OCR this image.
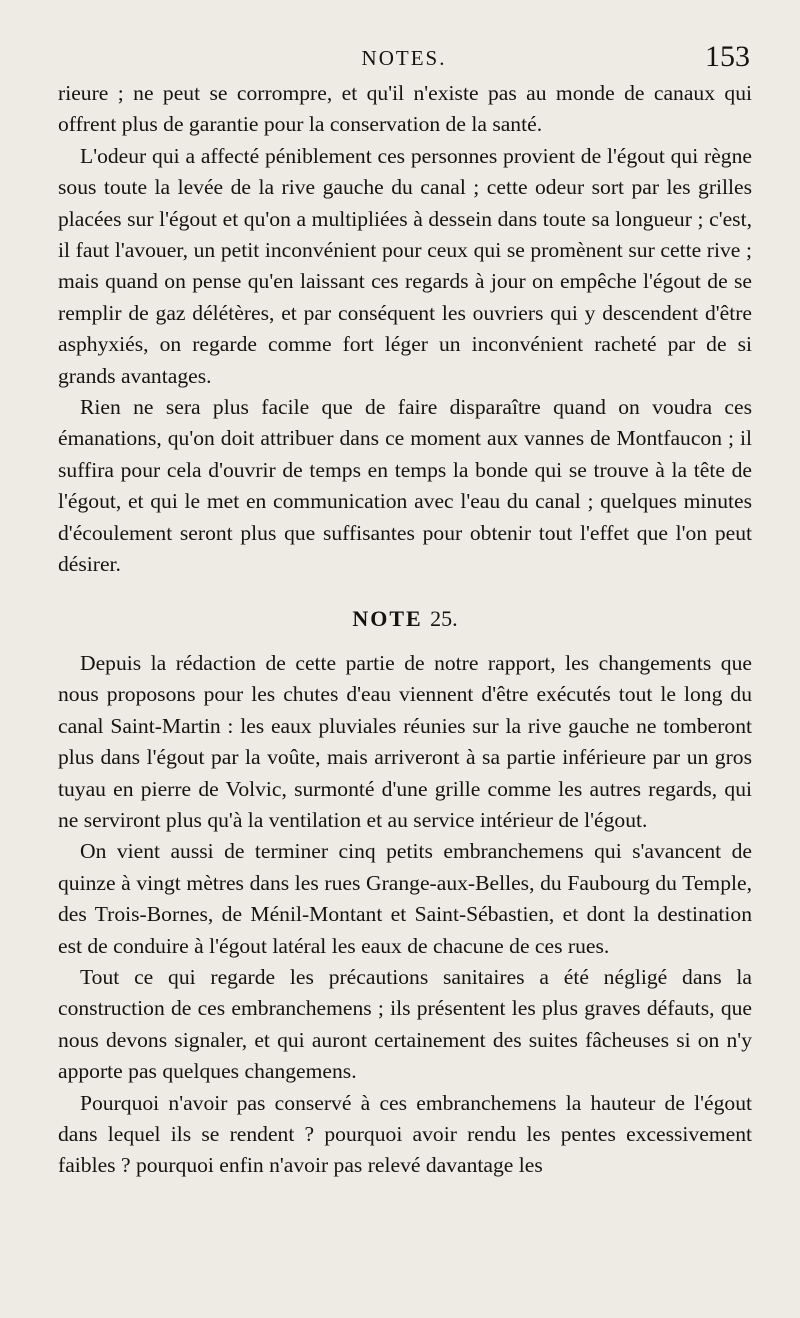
NOTES.	153

rieure ; ne peut se corrompre, et qu'il n'existe pas au monde de canaux qui offrent plus de garantie pour la conservation de la santé.

L'odeur qui a affecté péniblement ces personnes provient de l'égout qui règne sous toute la levée de la rive gauche du canal ; cette odeur sort par les grilles placées sur l'égout et qu'on a multipliées à dessein dans toute sa longueur ; c'est, il faut l'avouer, un petit inconvénient pour ceux qui se promènent sur cette rive ; mais quand on pense qu'en laissant ces regards à jour on empêche l'égout de se remplir de gaz délétères, et par conséquent les ouvriers qui y descendent d'être asphyxiés, on regarde comme fort léger un inconvénient racheté par de si grands avantages.

Rien ne sera plus facile que de faire disparaître quand on voudra ces émanations, qu'on doit attribuer dans ce moment aux vannes de Montfaucon ; il suffira pour cela d'ouvrir de temps en temps la bonde qui se trouve à la tête de l'égout, et qui le met en communication avec l'eau du canal ; quelques minutes d'écoulement seront plus que suffisantes pour obtenir tout l'effet que l'on peut désirer.

NOTE 25.

Depuis la rédaction de cette partie de notre rapport, les changements que nous proposons pour les chutes d'eau viennent d'être exécutés tout le long du canal Saint-Martin : les eaux pluviales réunies sur la rive gauche ne tomberont plus dans l'égout par la voûte, mais arriveront à sa partie inférieure par un gros tuyau en pierre de Volvic, surmonté d'une grille comme les autres regards, qui ne serviront plus qu'à la ventilation et au service intérieur de l'égout.

On vient aussi de terminer cinq petits embranchemens qui s'avancent de quinze à vingt mètres dans les rues Grange-aux-Belles, du Faubourg du Temple, des Trois-Bornes, de Ménil-Montant et Saint-Sébastien, et dont la destination est de conduire à l'égout latéral les eaux de chacune de ces rues.

Tout ce qui regarde les précautions sanitaires a été négligé dans la construction de ces embranchemens ; ils présentent les plus graves défauts, que nous devons signaler, et qui auront certainement des suites fâcheuses si on n'y apporte pas quelques changemens.

Pourquoi n'avoir pas conservé à ces embranchemens la hauteur de l'égout dans lequel ils se rendent ? pourquoi avoir rendu les pentes excessivement faibles ? pourquoi enfin n'avoir pas relevé davantage les
